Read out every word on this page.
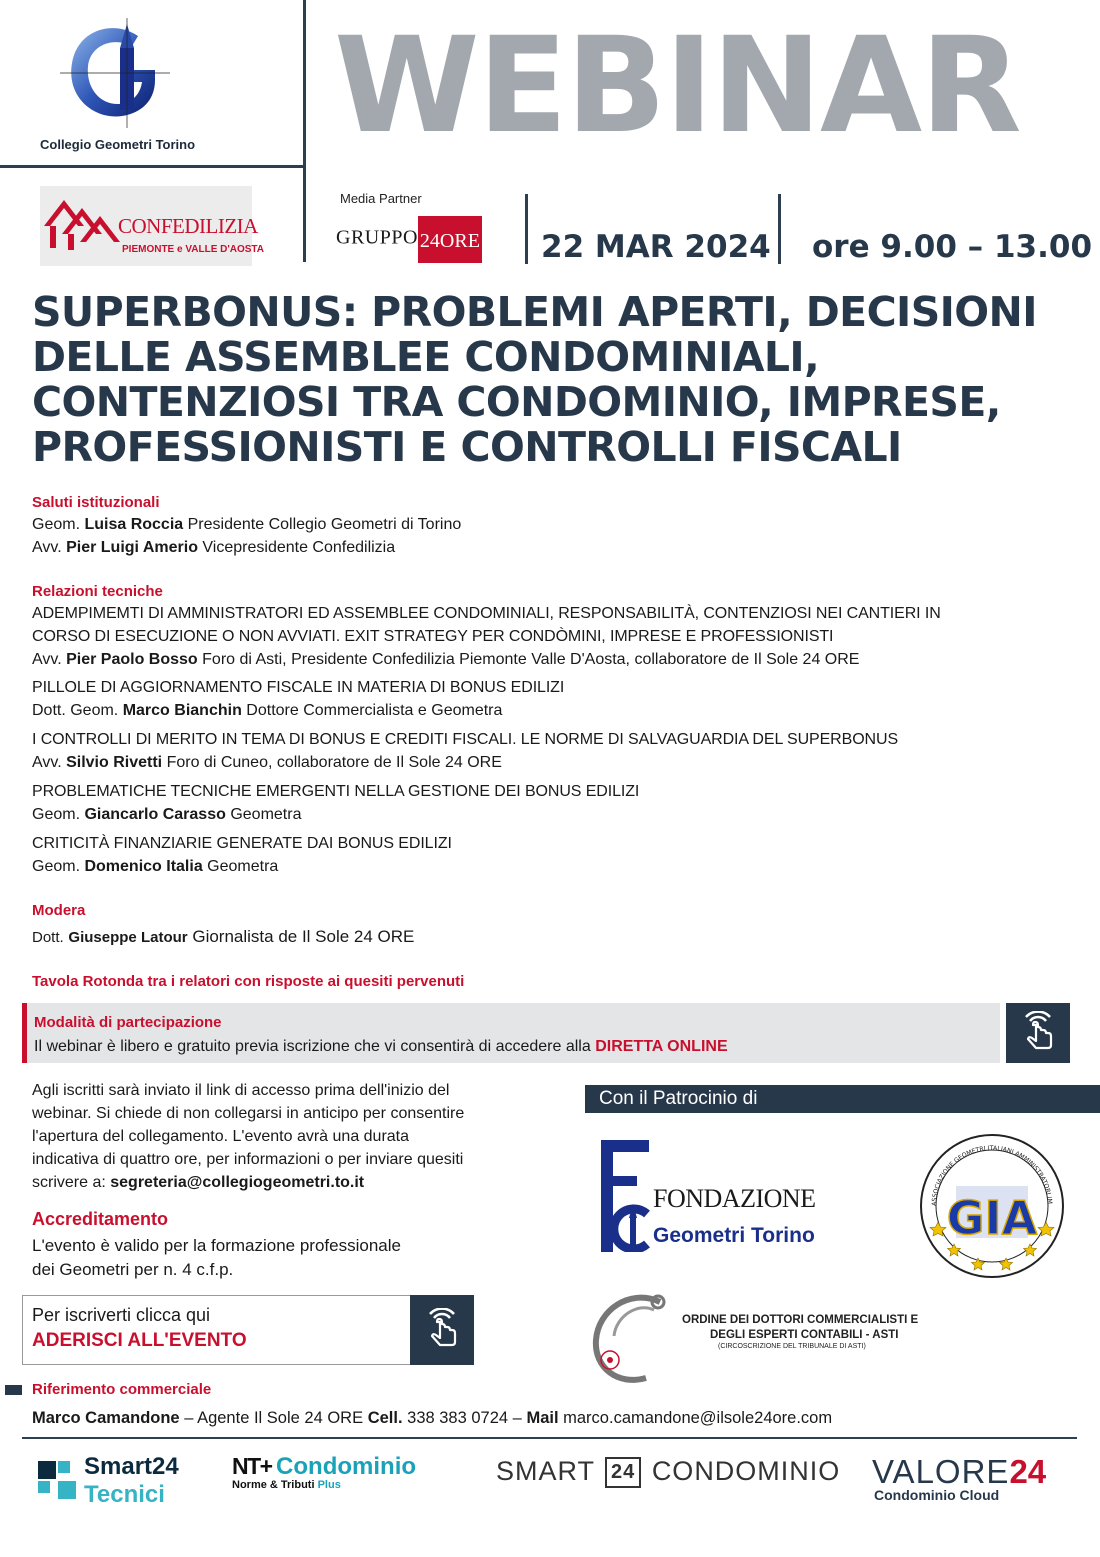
Collegio Geometri Torino
CONFEDILIZIA
PIEMONTE e VALLE D'AOSTA
WEBINAR
Media Partner
GRUPPO 24ORE 22 MAR 2024 ore 9.00 – 13.00
SUPERBONUS: PROBLEMI APERTI, DECISIONI
DELLE ASSEMBLEE CONDOMINIALI,
CONTENZIOSI TRA CONDOMINIO, IMPRESE,
PROFESSIONISTI E CONTROLLI FISCALI
Saluti istituzionali
Geom. Luisa Roccia Presidente Collegio Geometri di Torino
Avv. Pier Luigi Amerio Vicepresidente Confedilizia
Relazioni tecniche
ADEMPIMEMTI DI AMMINISTRATORI ED ASSEMBLEE CONDOMINIALI, RESPONSABILITÀ, CONTENZIOSI NEI CANTIERI IN
CORSO DI ESECUZIONE O NON AVVIATI. EXIT STRATEGY PER CONDÒMINI, IMPRESE E PROFESSIONISTI
Avv. Pier Paolo Bosso Foro di Asti, Presidente Confedilizia Piemonte Valle D'Aosta, collaboratore de Il Sole 24 ORE
PILLOLE DI AGGIORNAMENTO FISCALE IN MATERIA DI BONUS EDILIZI
Dott. Geom. Marco Bianchin Dottore Commercialista e Geometra
I CONTROLLI DI MERITO IN TEMA DI BONUS E CREDITI FISCALI. LE NORME DI SALVAGUARDIA DEL SUPERBONUS
Avv. Silvio Rivetti Foro di Cuneo, collaboratore de Il Sole 24 ORE
PROBLEMATICHE TECNICHE EMERGENTI NELLA GESTIONE DEI BONUS EDILIZI
Geom. Giancarlo Carasso Geometra
CRITICITÀ FINANZIARIE GENERATE DAI BONUS EDILIZI
Geom. Domenico Italia Geometra
Modera
Dott. Giuseppe Latour Giornalista de Il Sole 24 ORE
Tavola Rotonda tra i relatori con risposte ai quesiti pervenuti
Modalità di partecipazione
Il webinar è libero e gratuito previa iscrizione che vi consentirà di accedere alla DIRETTA ONLINE
Agli iscritti sarà inviato il link di accesso prima dell'inizio del
webinar. Si chiede di non collegarsi in anticipo per consentire
l'apertura del collegamento. L'evento avrà una durata
indicativa di quattro ore, per informazioni o per inviare quesiti
scrivere a: segreteria@collegiogeometri.to.it
Accreditamento
L'evento è valido per la formazione professionale
dei Geometri per n. 4 c.f.p.
Per iscriverti clicca qui
ADERISCI ALL'EVENTO
Con il Patrocinio di
FONDAZIONE
Geometri Torino	GIA
ASSOCIAZIONE GEOMETRI ITALIANI AMMINISTRATORI IM
ORDINE DEI DOTTORI COMMERCIALISTI E
DEGLI ESPERTI CONTABILI - ASTI
(CIRCOSCRIZIONE DEL TRIBUNALE DI ASTI)
Riferimento commerciale
Marco Camandone – Agente Il Sole 24 ORE Cell. 338 383 0724 – Mail marco.camandone@ilsole24ore.com
Smart24
Tecnici
NT+ Condominio
Norme & Tributi Plus	SMART 24 CONDOMINIO VALORE24
Condominio Cloud
